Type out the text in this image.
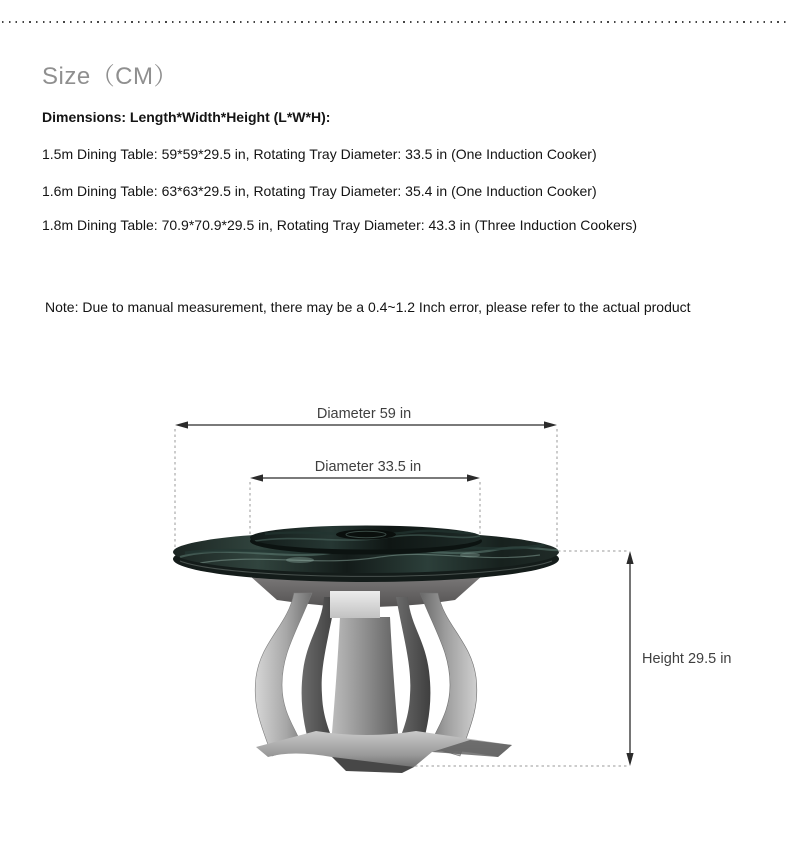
Size（CM）

Dimensions: Length*Width*Height (L*W*H):

1.5m Dining Table: 59*59*29.5 in, Rotating Tray Diameter: 33.5 in (One Induction Cooker)

1.6m Dining Table: 63*63*29.5 in, Rotating Tray Diameter: 35.4 in (One Induction Cooker)

1.8m Dining Table: 70.9*70.9*29.5 in, Rotating Tray Diameter: 43.3 in (Three Induction Cookers)

Note: Due to manual measurement, there may be a 0.4~1.2 Inch error, please refer to the actual product

Diameter 59 in
Diameter 33.5 in
Height 29.5 in
